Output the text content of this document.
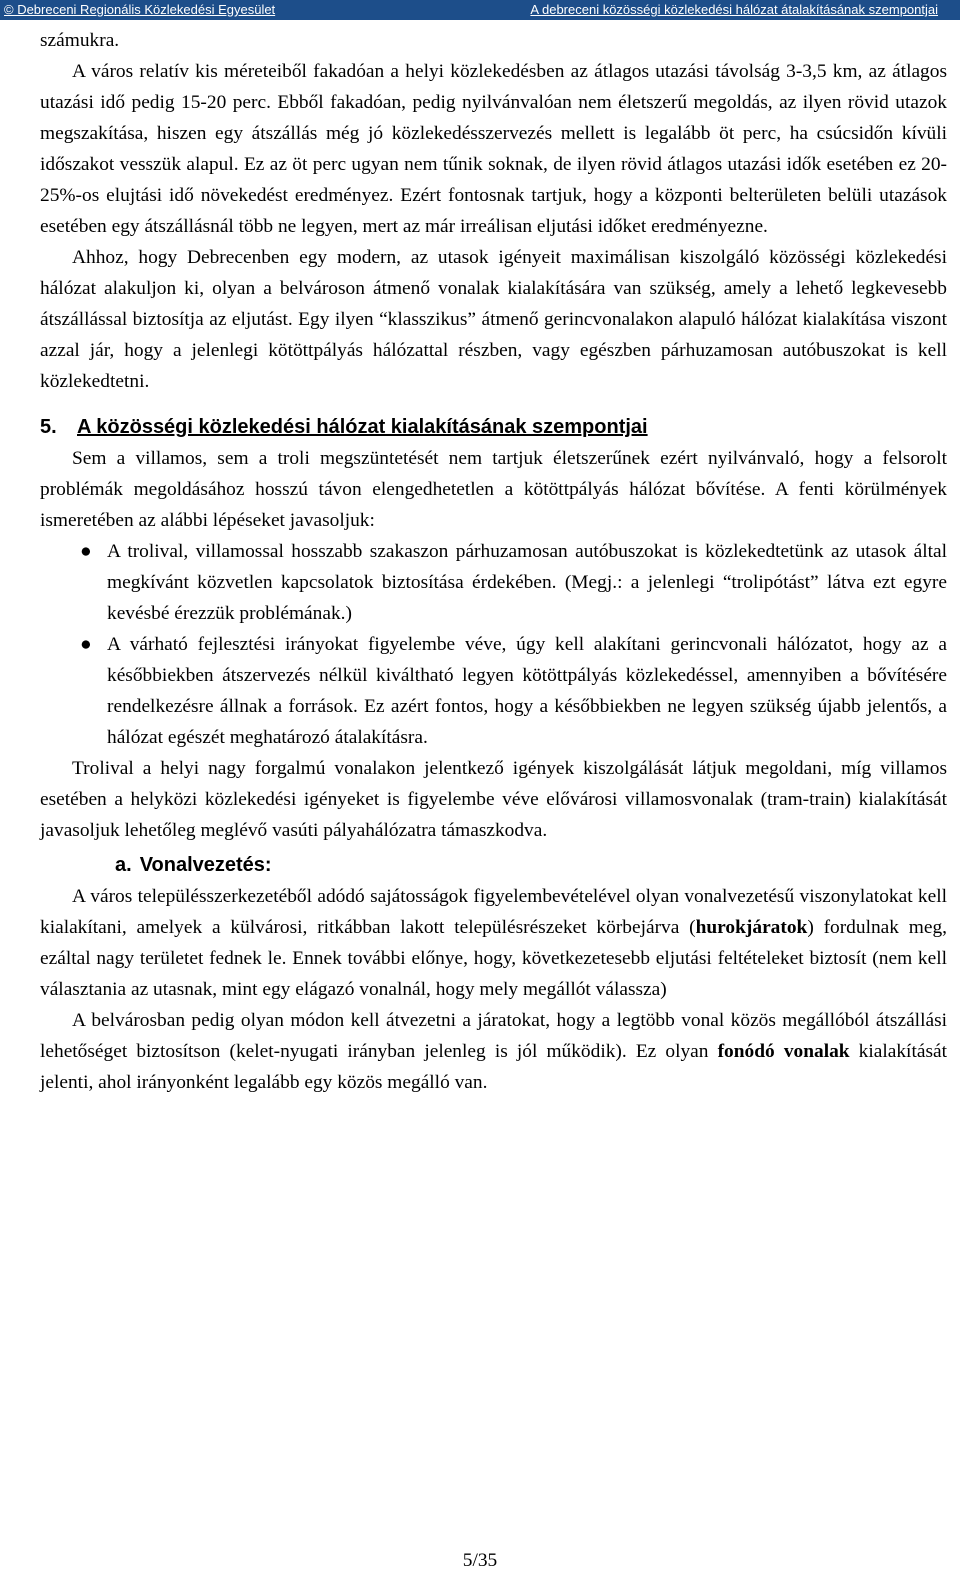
© Debreceni Regionális Közlekedési Egyesület	A debreceni közösségi közlekedési hálózat átalakításának szempontjai

számukra.

A város relatív kis méreteiből fakadóan a helyi közlekedésben az átlagos utazási távolság 3-3,5 km, az átlagos utazási idő pedig 15-20 perc. Ebből fakadóan, pedig nyilvánvalóan nem életszerű megoldás, az ilyen rövid utazok megszakítása, hiszen egy átszállás még jó közlekedésszervezés mellett is legalább öt perc, ha csúcsidőn kívüli időszakot vesszük alapul. Ez az öt perc ugyan nem tűnik soknak, de ilyen rövid átlagos utazási idők esetében ez 20-25%-os elujtási idő növekedést eredményez. Ezért fontosnak tartjuk, hogy a központi belterületen belüli utazások esetében egy átszállásnál több ne legyen, mert az már irreálisan eljutási időket eredményezne.

Ahhoz, hogy Debrecenben egy modern, az utasok igényeit maximálisan kiszolgáló közösségi közlekedési hálózat alakuljon ki, olyan a belvároson átmenő vonalak kialakítására van szükség, amely a lehető legkevesebb átszállással biztosítja az eljutást. Egy ilyen “klasszikus” átmenő gerincvonalakon alapuló hálózat kialakítása viszont azzal jár, hogy a jelenlegi kötöttpályás hálózattal részben, vagy egészben párhuzamosan autóbuszokat is kell közlekedtetni.

5. A közösségi közlekedési hálózat kialakításának szempontjai

Sem a villamos, sem a troli megszüntetését nem tartjuk életszerűnek ezért nyilvánvaló, hogy a felsorolt problémák megoldásához hosszú távon elengedhetetlen a kötöttpályás hálózat bővítése. A fenti körülmények ismeretében az alábbi lépéseket javasoljuk:

● A trolival, villamossal hosszabb szakaszon párhuzamosan autóbuszokat is közlekedtetünk az utasok által megkívánt közvetlen kapcsolatok biztosítása érdekében. (Megj.: a jelenlegi “trolipótást” látva ezt egyre kevésbé érezzük problémának.)
● A várható fejlesztési irányokat figyelembe véve, úgy kell alakítani gerincvonali hálózatot, hogy az a későbbiekben átszervezés nélkül kiváltható legyen kötöttpályás közlekedéssel, amennyiben a bővítésére rendelkezésre állnak a források. Ez azért fontos, hogy a későbbiekben ne legyen szükség újabb jelentős, a hálózat egészét meghatározó átalakításra.

Trolival a helyi nagy forgalmú vonalakon jelentkező igények kiszolgálását látjuk megoldani, míg villamos esetében a helyközi közlekedési igényeket is figyelembe véve elővárosi villamosvonalak (tram-train) kialakítását javasoljuk lehetőleg meglévő vasúti pályahálózatra támaszkodva.

a. Vonalvezetés:

A város településszerkezetéből adódó sajátosságok figyelembevételével olyan vonalvezetésű viszonylatokat kell kialakítani, amelyek a külvárosi, ritkábban lakott településrészeket körbejárva (hurokjáratok) fordulnak meg, ezáltal nagy területet fednek le. Ennek további előnye, hogy, következetesebb eljutási feltételeket biztosít (nem kell választania az utasnak, mint egy elágazó vonalnál, hogy mely megállót válassza)

A belvárosban pedig olyan módon kell átvezetni a járatokat, hogy a legtöbb vonal közös megállóból átszállási lehetőséget biztosítson (kelet-nyugati irányban jelenleg is jól működik). Ez olyan fonódó vonalak kialakítását jelenti, ahol irányonként legalább egy közös megálló van.

5/35
